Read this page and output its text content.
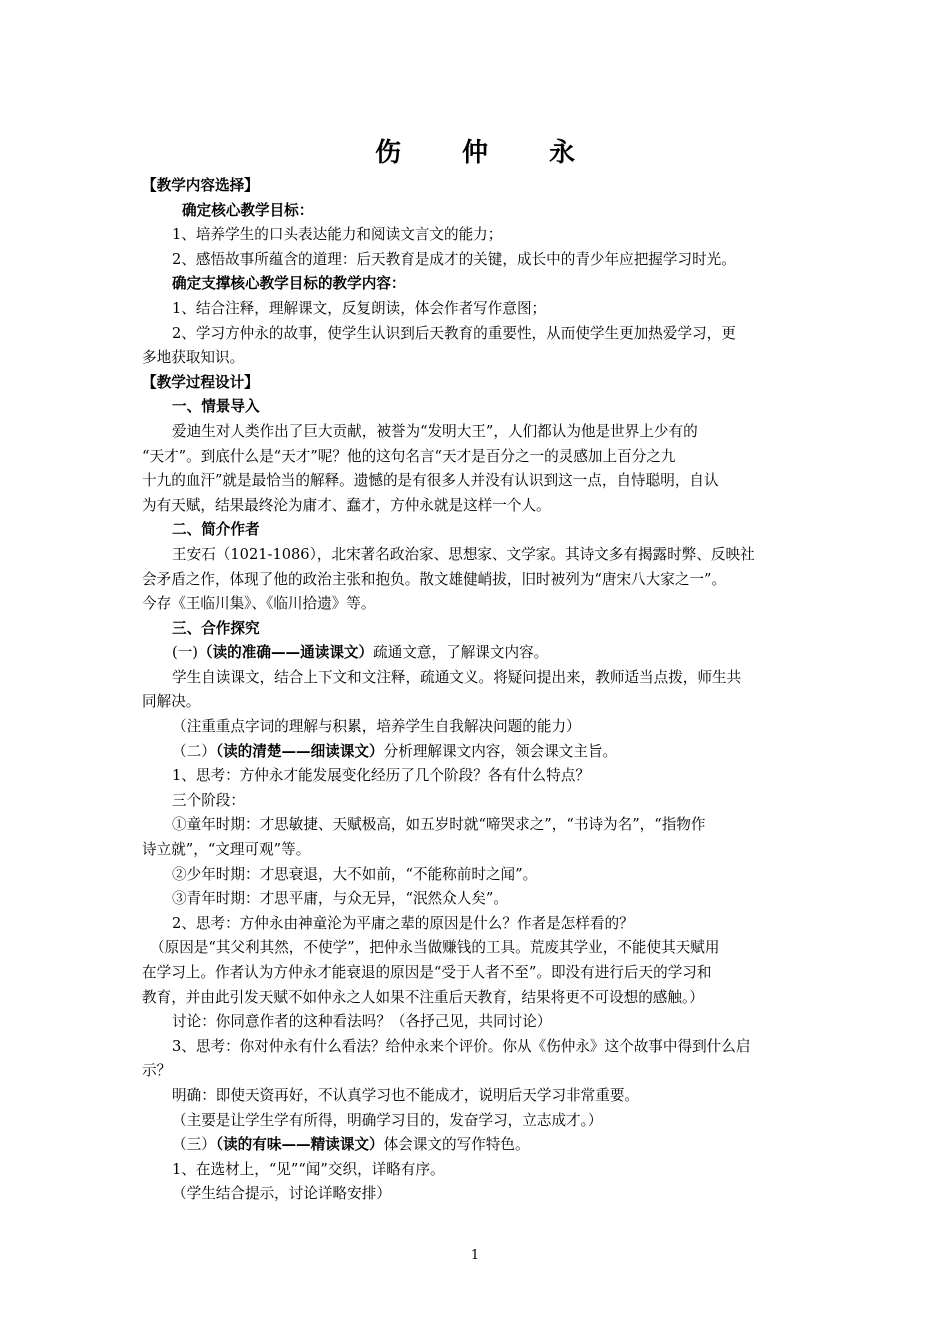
伤 仲 永

【教学内容选择】

确定核心教学目标：

1、培养学生的口头表达能力和阅读文言文的能力；

2、感悟故事所蕴含的道理：后天教育是成才的关键，成长中的青少年应把握学习时光。

确定支撑核心教学目标的教学内容：

1、结合注释，理解课文，反复朗读，体会作者写作意图；

2、学习方仲永的故事，使学生认识到后天教育的重要性，从而使学生更加热爱学习，更

多地获取知识。

【教学过程设计】

一、情景导入

爱迪生对人类作出了巨大贡献，被誉为“发明大王”，人们都认为他是世界上少有的

“天才”。到底什么是“天才”呢？他的这句名言“天才是百分之一的灵感加上百分之九

十九的血汗”就是最恰当的解释。遗憾的是有很多人并没有认识到这一点，自恃聪明，自认

为有天赋，结果最终沦为庸才、蠢才，方仲永就是这样一个人。

二、简介作者

王安石（1021-1086），北宋著名政治家、思想家、文学家。其诗文多有揭露时弊、反映社

会矛盾之作，体现了他的政治主张和抱负。散文雄健峭拔，旧时被列为“唐宋八大家之一”。

今存《王临川集》、《临川拾遗》等。

三、合作探究

(一)（读的准确——通读课文）疏通文意，了解课文内容。

学生自读课文，结合上下文和文注释，疏通文义。将疑问提出来，教师适当点拨，师生共

同解决。

（注重重点字词的理解与积累，培养学生自我解决问题的能力）

（二）（读的清楚——细读课文）分析理解课文内容，领会课文主旨。

1、思考：方仲永才能发展变化经历了几个阶段？各有什么特点？

三个阶段：

①童年时期：才思敏捷、天赋极高，如五岁时就“啼哭求之”，“书诗为名”，“指物作

诗立就”，“文理可观”等。

②少年时期：才思衰退，大不如前，“不能称前时之闻”。

③青年时期：才思平庸，与众无异，“泯然众人矣”。

2、思考：方仲永由神童沦为平庸之辈的原因是什么？作者是怎样看的？

（原因是“其父利其然，不使学”，把仲永当做赚钱的工具。荒废其学业，不能使其天赋用

在学习上。作者认为方仲永才能衰退的原因是“受于人者不至”。即没有进行后天的学习和

教育，并由此引发天赋不如仲永之人如果不注重后天教育，结果将更不可设想的感触。）

讨论：你同意作者的这种看法吗？（各抒己见，共同讨论）

3、思考：你对仲永有什么看法？给仲永来个评价。你从《伤仲永》这个故事中得到什么启

示？

明确：即使天资再好，不认真学习也不能成才，说明后天学习非常重要。

（主要是让学生学有所得，明确学习目的，发奋学习，立志成才。）

（三）（读的有味——精读课文）体会课文的写作特色。

1、在选材上，“见”“闻”交织，详略有序。

（学生结合提示，讨论详略安排）

1
